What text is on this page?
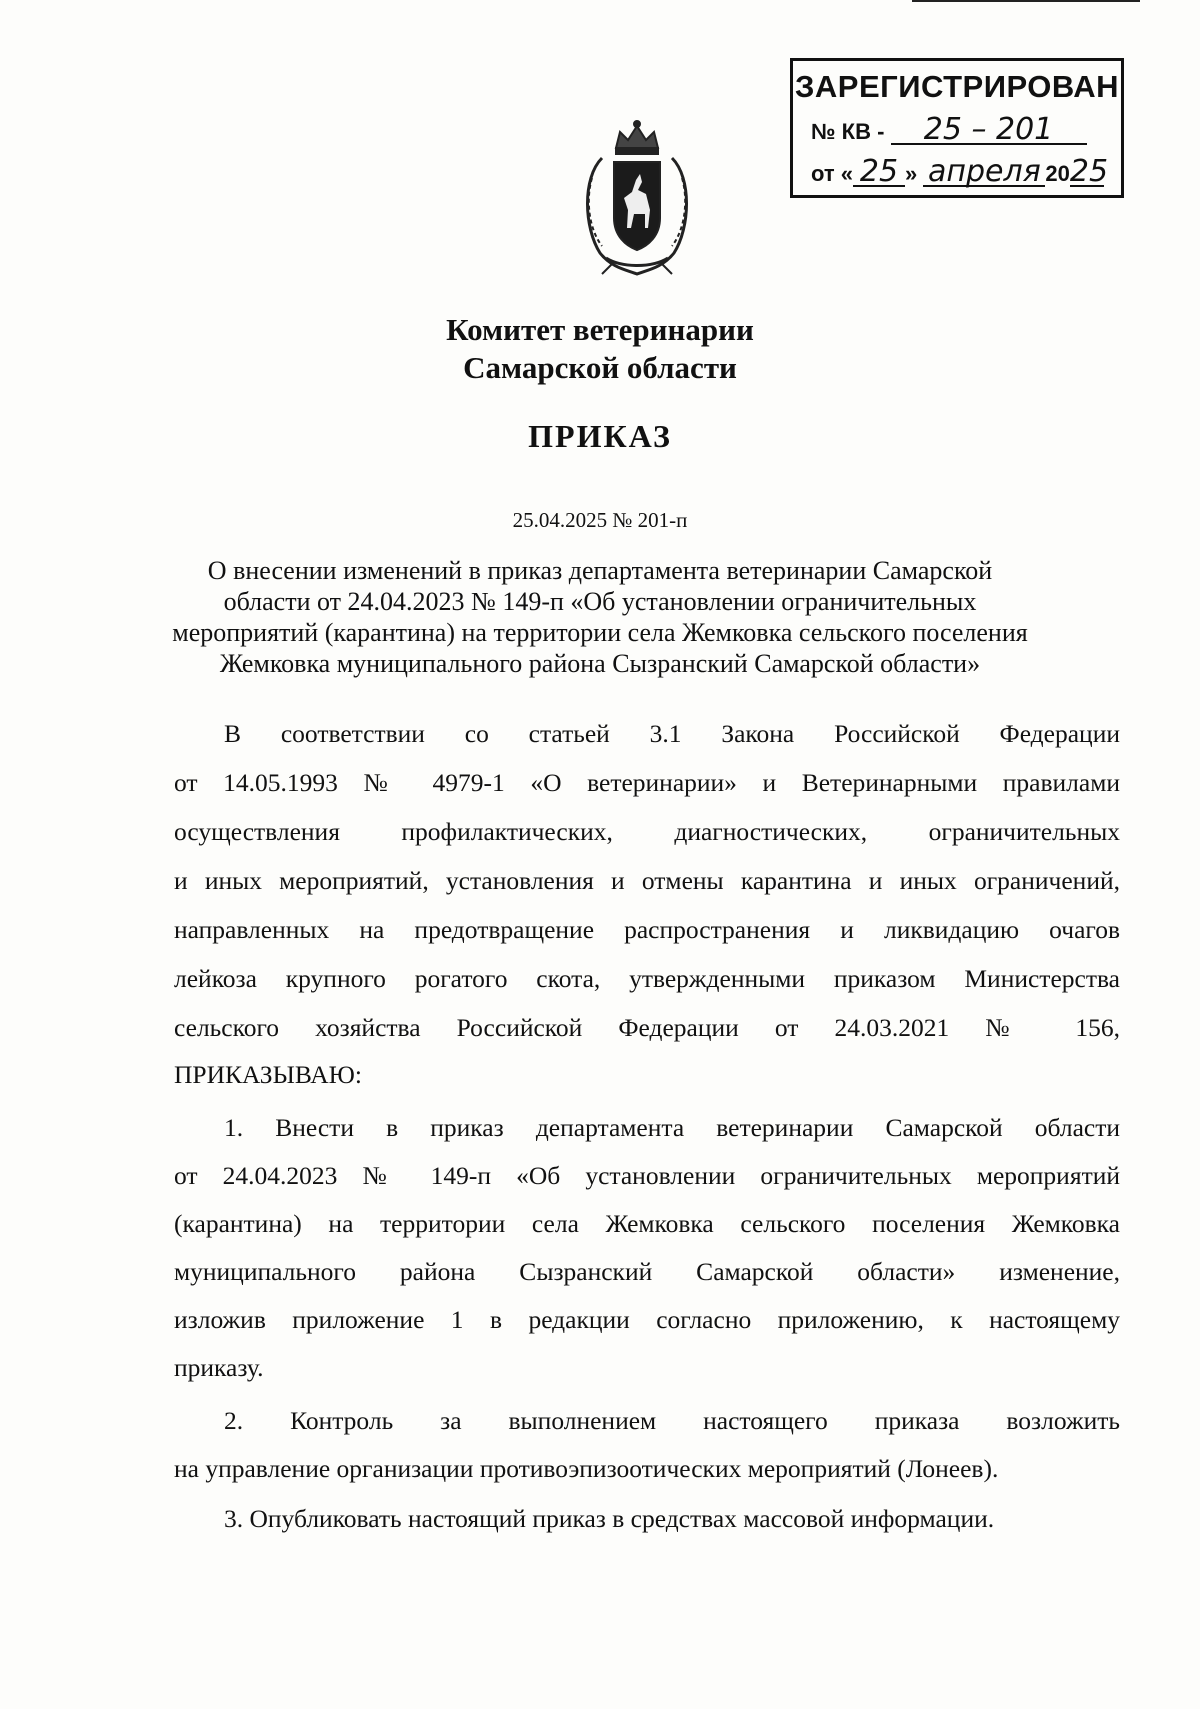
ЗАРЕГИСТРИРОВАН
№ КВ - 25 – 201
от « 25 » апреля 2025
Комитет ветеринарии
Самарской области
ПРИКАЗ
25.04.2025 № 201-п
О внесении изменений в приказ департамента ветеринарии Самарской
области от 24.04.2023 № 149-п «Об установлении ограничительных
мероприятий (карантина) на территории села Жемковка сельского поселения
Жемковка муниципального района Сызранский Самарской области»
В соответствии со статьей 3.1 Закона Российской Федерации
от 14.05.1993 № 4979-1 «О ветеринарии» и Ветеринарными правилами
осуществления профилактических, диагностических, ограничительных
и иных мероприятий, установления и отмены карантина и иных ограничений,
направленных на предотвращение распространения и ликвидацию очагов
лейкоза крупного рогатого скота, утвержденными приказом Министерства
сельского хозяйства Российской Федерации от 24.03.2021 № 156,
ПРИКАЗЫВАЮ:
1. Внести в приказ департамента ветеринарии Самарской области
от 24.04.2023 № 149-п «Об установлении ограничительных мероприятий
(карантина) на территории села Жемковка сельского поселения Жемковка
муниципального района Сызранский Самарской области» изменение,
изложив приложение 1 в редакции согласно приложению, к настоящему
приказу.
2. Контроль за выполнением настоящего приказа возложить
на управление организации противоэпизоотических мероприятий (Лонеев).
3. Опубликовать настоящий приказ в средствах массовой информации.
